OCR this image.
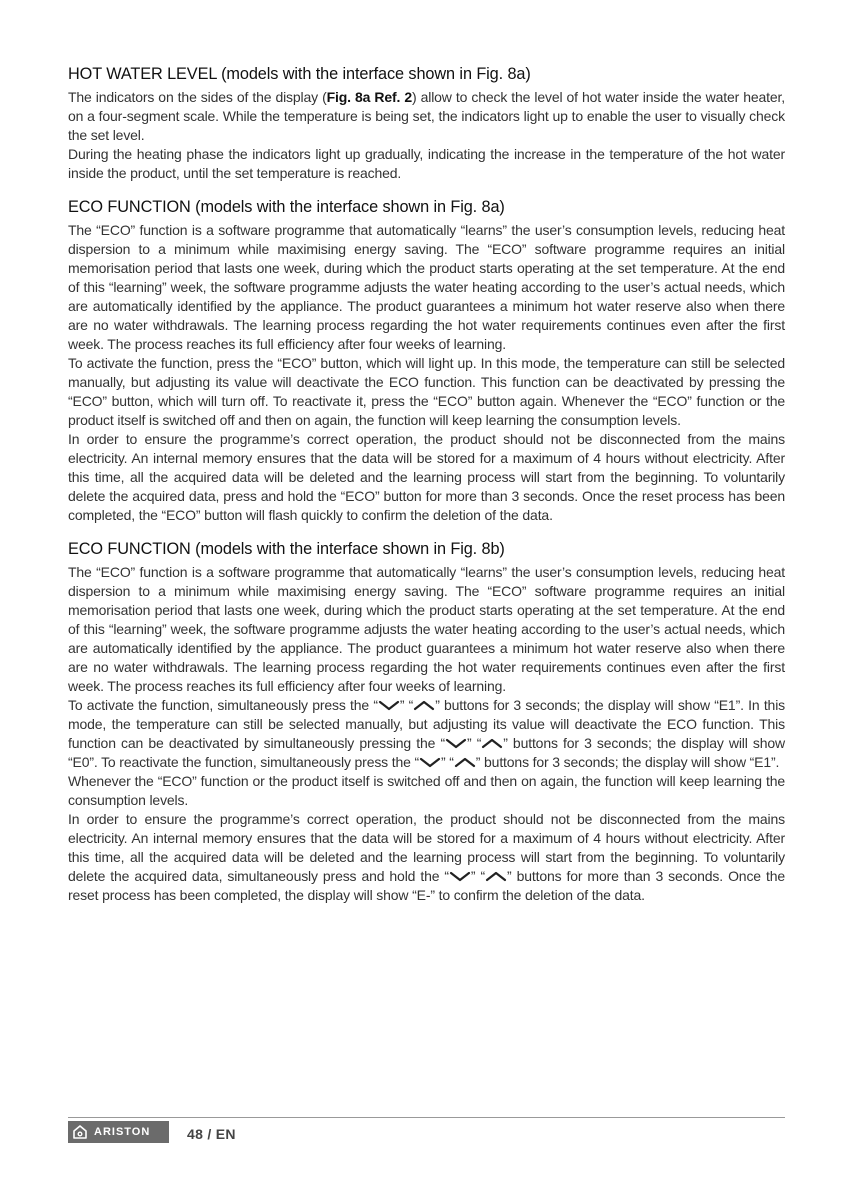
HOT WATER LEVEL (models with the interface shown in Fig. 8a)

The indicators on the sides of the display (Fig. 8a Ref. 2) allow to check the level of hot water inside the water heater, on a four-segment scale. While the temperature is being set, the indicators light up to enable the user to visually check the set level.

During the heating phase the indicators light up gradually, indicating the increase in the temperature of the hot water inside the product, until the set temperature is reached.

ECO FUNCTION (models with the interface shown in Fig. 8a)

The “ECO” function is a software programme that automatically “learns” the user’s consumption levels, reducing heat dispersion to a minimum while maximising energy saving. The “ECO” software programme requires an initial memorisation period that lasts one week, during which the product starts operating at the set temperature. At the end of this “learning” week, the software programme adjusts the water heating according to the user’s actual needs, which are automatically identified by the appliance. The product guarantees a minimum hot water reserve also when there are no water withdrawals. The learning process regarding the hot water requirements continues even after the first week. The process reaches its full efficiency after four weeks of learning.

To activate the function, press the “ECO” button, which will light up. In this mode, the temperature can still be selected manually, but adjusting its value will deactivate the ECO function. This function can be deactivated by pressing the “ECO” button, which will turn off. To reactivate it, press the “ECO” button again. Whenever the “ECO” function or the product itself is switched off and then on again, the function will keep learning the consumption levels.

In order to ensure the programme’s correct operation, the product should not be disconnected from the mains electricity. An internal memory ensures that the data will be stored for a maximum of 4 hours without electricity. After this time, all the acquired data will be deleted and the learning process will start from the beginning. To voluntarily delete the acquired data, press and hold the “ECO” button for more than 3 seconds. Once the reset process has been completed, the “ECO” button will flash quickly to confirm the deletion of the data.

ECO FUNCTION (models with the interface shown in Fig. 8b)

The “ECO” function is a software programme that automatically “learns” the user’s consumption levels, reducing heat dispersion to a minimum while maximising energy saving. The “ECO” software programme requires an initial memorisation period that lasts one week, during which the product starts operating at the set temperature. At the end of this “learning” week, the software programme adjusts the water heating according to the user’s actual needs, which are automatically identified by the appliance. The product guarantees a minimum hot water reserve also when there are no water withdrawals. The learning process regarding the hot water requirements continues even after the first week. The process reaches its full efficiency after four weeks of learning.

To activate the function, simultaneously press the “ ” “ ” buttons for 3 seconds; the display will show “E1”. In this mode, the temperature can still be selected manually, but adjusting its value will deactivate the ECO function. This function can be deactivated by simultaneously pressing the “ ” “ ” buttons for 3 seconds; the display will show “E0”. To reactivate the function, simultaneously press the “ ” “ ” buttons for 3 seconds; the display will show “E1”.

Whenever the “ECO” function or the product itself is switched off and then on again, the function will keep learning the consumption levels.

In order to ensure the programme’s correct operation, the product should not be disconnected from the mains electricity. An internal memory ensures that the data will be stored for a maximum of 4 hours without electricity. After this time, all the acquired data will be deleted and the learning process will start from the beginning. To voluntarily delete the acquired data, simultaneously press and hold the “ ” “ ” buttons for more than 3 seconds. Once the reset process has been completed, the display will show “E-” to confirm the deletion of the data.

ARISTON	48 / EN
